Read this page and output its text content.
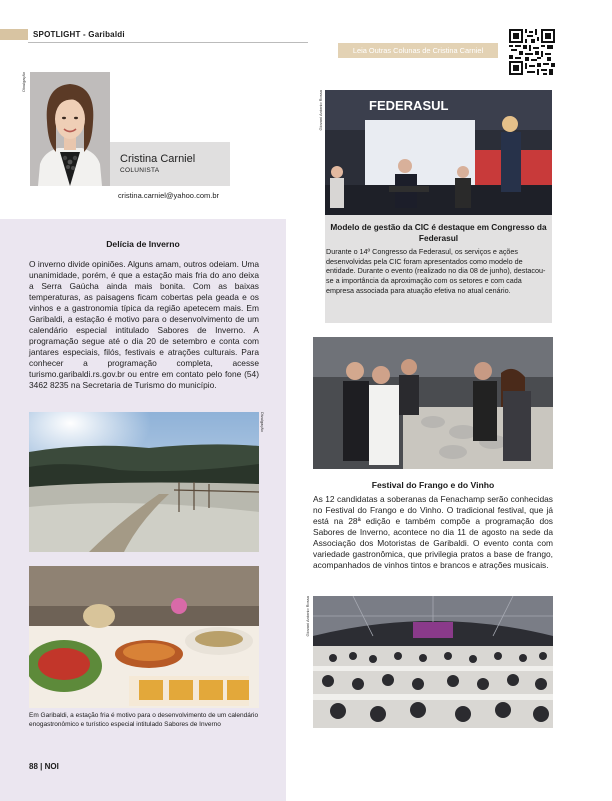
SPOTLIGHT - Garibaldi
Leia Outras Colunas de Cristina Carniel
Divulgação
Cristina Carniel
COLUNISTA
cristina.carniel@yahoo.com.br
Delícia de Inverno
O inverno divide opiniões. Alguns amam, outros odeiam. Uma unanimidade, porém, é que a estação mais fria do ano deixa a Serra Gaúcha ainda mais bonita. Com as baixas temperaturas, as paisagens ficam cobertas pela geada e os vinhos e a gastronomia típica da região apetecem mais. Em Garibaldi, a estação é motivo para o desenvolvimento de um calendário especial intitulado Sabores de Inverno. A programação segue até o dia 20 de setembro e conta com jantares especiais, filós, festivais e atrações culturais. Para conhecer a programação completa, acesse turismo.garibaldi.rs.gov.br ou entre em contato pelo fone (54) 3462 8235 na Secretaria de Turismo do município.
Divulgação
Em Garibaldi, a estação fria é motivo para o desenvolvimento de um calendário enogastronômico e turístico especial intitulado Sabores de Inverno
88 | NOI
Giovani Antonio Rossa	FEDERASUL
Modelo de gestão da CIC é destaque em Congresso da Federasul
Durante o 14º Congresso da Federasul, os serviços e ações desenvolvidas pela CIC foram apresentados como modelo de entidade. Durante o evento (realizado no dia 08 de junho), destacou-se a importância da aproximação com os setores e com cada empresa associada para atuação efetiva no atual cenário.
Festival do Frango e do Vinho
As 12 candidatas a soberanas da Fenachamp serão conhecidas no Festival do Frango e do Vinho. O tradicional festival, que já está na 28ª edição e também compõe a programação dos Sabores de Inverno, acontece no dia 11 de agosto na sede da Associação dos Motoristas de Garibaldi. O evento conta com variedade gastronômica, que privilegia pratos a base de frango, acompanhados de vinhos tintos e brancos e atrações musicais.
Giovani Antonio Rossa
